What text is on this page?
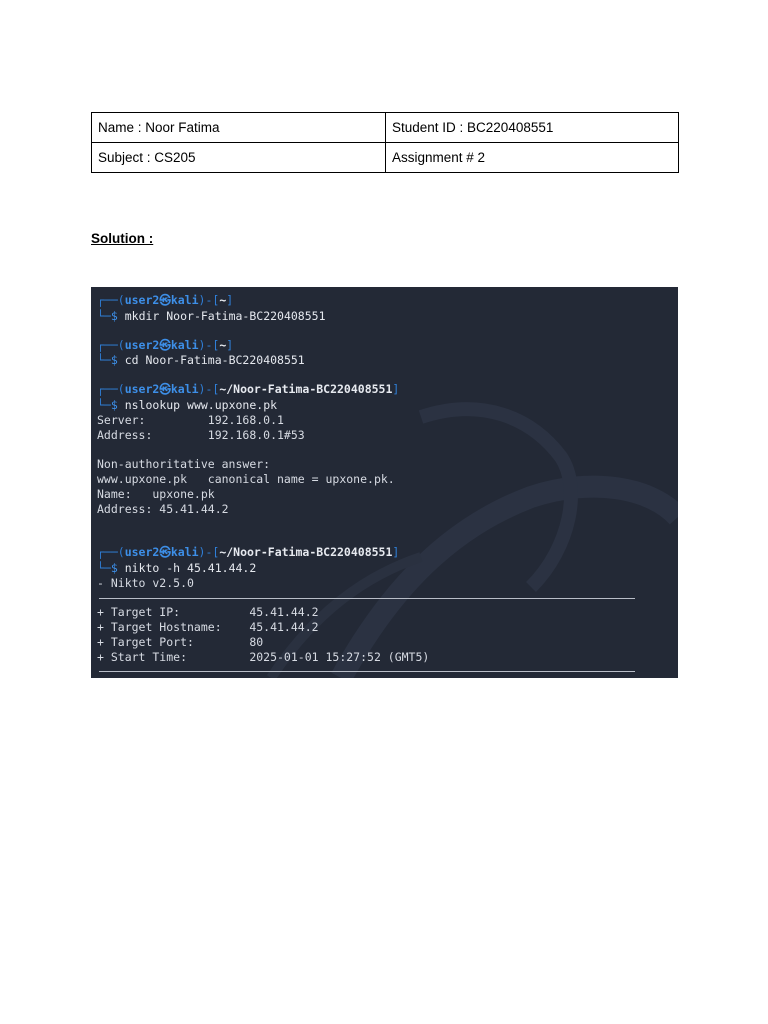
Name : Noor Fatima	Student ID : BC220408551
Subject : CS205	Assignment # 2
Solution :
┌──(user2㉿kali)-[~]
└─$ mkdir Noor-Fatima-BC220408551
┌──(user2㉿kali)-[~]
└─$ cd Noor-Fatima-BC220408551
┌──(user2㉿kali)-[~/Noor-Fatima-BC220408551]
└─$ nslookup www.upxone.pk
Server:         192.168.0.1
Address:        192.168.0.1#53
Non-authoritative answer:
www.upxone.pk   canonical name = upxone.pk.
Name:   upxone.pk
Address: 45.41.44.2
┌──(user2㉿kali)-[~/Noor-Fatima-BC220408551]
└─$ nikto -h 45.41.44.2
- Nikto v2.5.0
+ Target IP:          45.41.44.2
+ Target Hostname:    45.41.44.2
+ Target Port:        80
+ Start Time:         2025-01-01 15:27:52 (GMT5)
